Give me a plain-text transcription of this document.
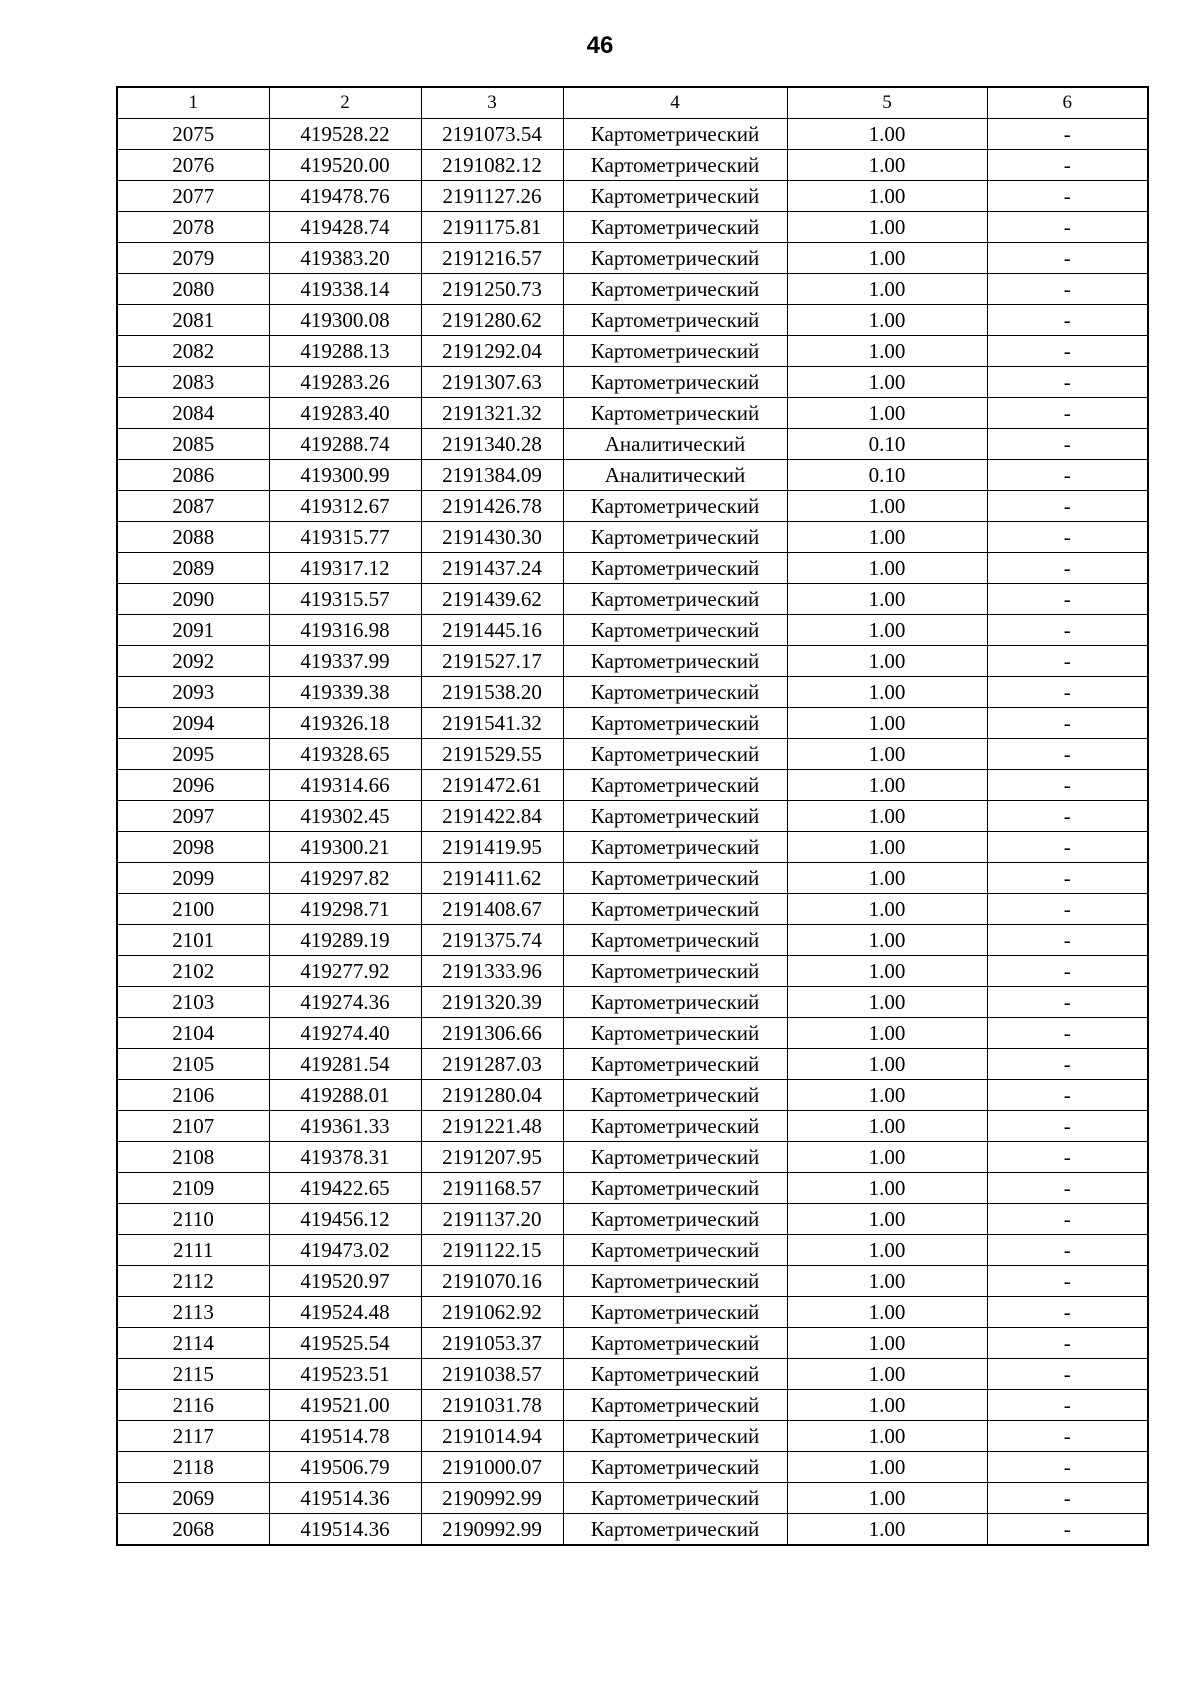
46
1	2	3	4	5	6
2075	419528.22	2191073.54	Картометрический	1.00	-
2076	419520.00	2191082.12	Картометрический	1.00	-
2077	419478.76	2191127.26	Картометрический	1.00	-
2078	419428.74	2191175.81	Картометрический	1.00	-
2079	419383.20	2191216.57	Картометрический	1.00	-
2080	419338.14	2191250.73	Картометрический	1.00	-
2081	419300.08	2191280.62	Картометрический	1.00	-
2082	419288.13	2191292.04	Картометрический	1.00	-
2083	419283.26	2191307.63	Картометрический	1.00	-
2084	419283.40	2191321.32	Картометрический	1.00	-
2085	419288.74	2191340.28	Аналитический	0.10	-
2086	419300.99	2191384.09	Аналитический	0.10	-
2087	419312.67	2191426.78	Картометрический	1.00	-
2088	419315.77	2191430.30	Картометрический	1.00	-
2089	419317.12	2191437.24	Картометрический	1.00	-
2090	419315.57	2191439.62	Картометрический	1.00	-
2091	419316.98	2191445.16	Картометрический	1.00	-
2092	419337.99	2191527.17	Картометрический	1.00	-
2093	419339.38	2191538.20	Картометрический	1.00	-
2094	419326.18	2191541.32	Картометрический	1.00	-
2095	419328.65	2191529.55	Картометрический	1.00	-
2096	419314.66	2191472.61	Картометрический	1.00	-
2097	419302.45	2191422.84	Картометрический	1.00	-
2098	419300.21	2191419.95	Картометрический	1.00	-
2099	419297.82	2191411.62	Картометрический	1.00	-
2100	419298.71	2191408.67	Картометрический	1.00	-
2101	419289.19	2191375.74	Картометрический	1.00	-
2102	419277.92	2191333.96	Картометрический	1.00	-
2103	419274.36	2191320.39	Картометрический	1.00	-
2104	419274.40	2191306.66	Картометрический	1.00	-
2105	419281.54	2191287.03	Картометрический	1.00	-
2106	419288.01	2191280.04	Картометрический	1.00	-
2107	419361.33	2191221.48	Картометрический	1.00	-
2108	419378.31	2191207.95	Картометрический	1.00	-
2109	419422.65	2191168.57	Картометрический	1.00	-
2110	419456.12	2191137.20	Картометрический	1.00	-
2111	419473.02	2191122.15	Картометрический	1.00	-
2112	419520.97	2191070.16	Картометрический	1.00	-
2113	419524.48	2191062.92	Картометрический	1.00	-
2114	419525.54	2191053.37	Картометрический	1.00	-
2115	419523.51	2191038.57	Картометрический	1.00	-
2116	419521.00	2191031.78	Картометрический	1.00	-
2117	419514.78	2191014.94	Картометрический	1.00	-
2118	419506.79	2191000.07	Картометрический	1.00	-
2069	419514.36	2190992.99	Картометрический	1.00	-
2068	419514.36	2190992.99	Картометрический	1.00	-
